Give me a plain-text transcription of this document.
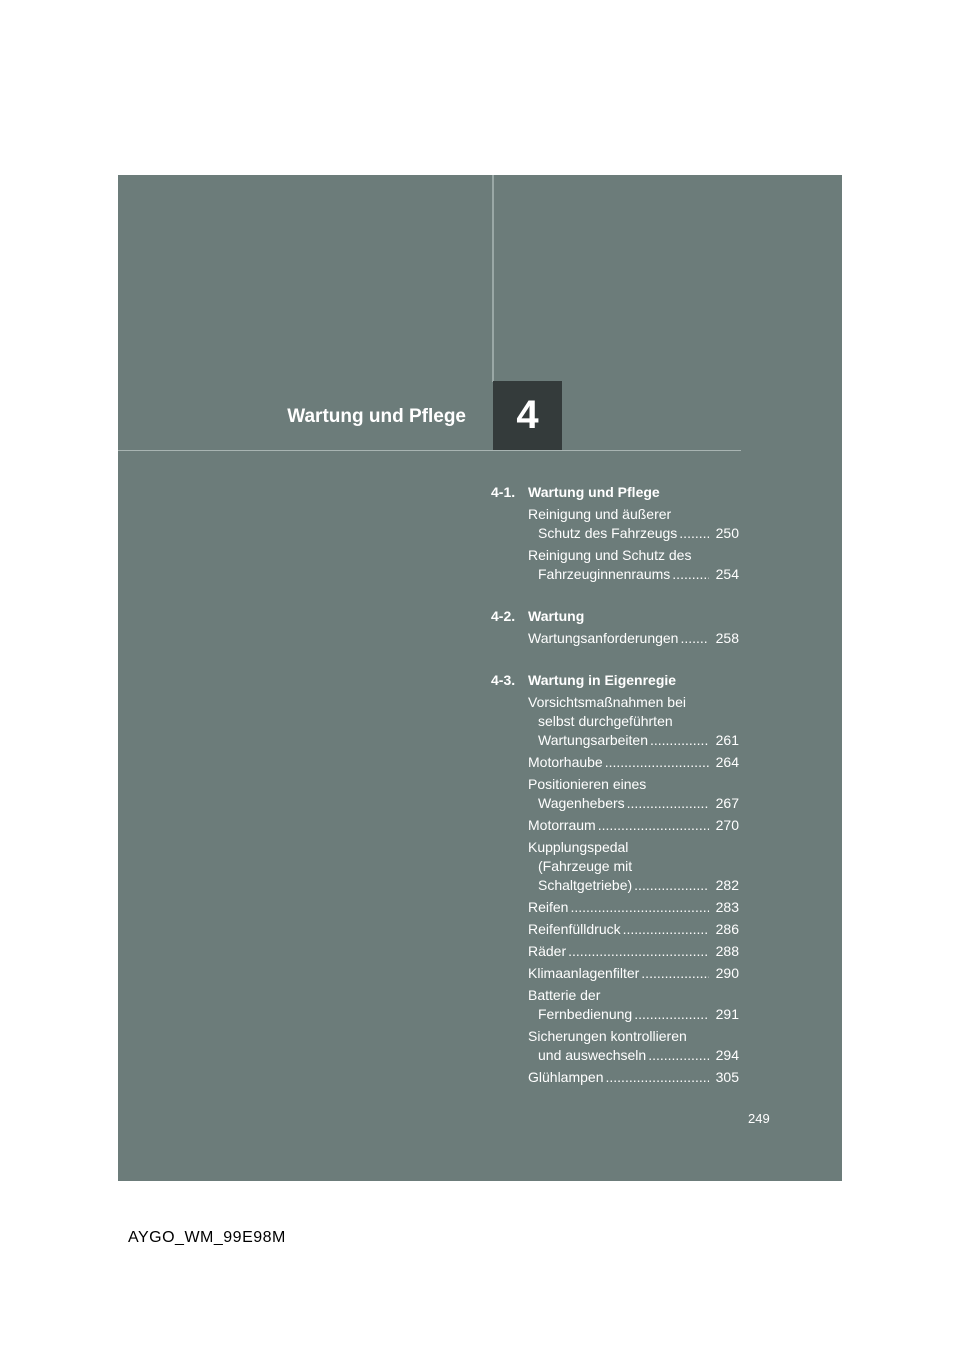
Wartung und Pflege 4
4-1. Wartung und Pflege
Reinigung und äußerer
Schutz des Fahrzeugs .....	250
Reinigung und Schutz des
Fahrzeuginnenraums .....	254
4-2. Wartung
Wartungsanforderungen .....	258
4-3. Wartung in Eigenregie
Vorsichtsmaßnahmen bei
selbst durchgeführten
Wartungsarbeiten .....	261
Motorhaube .....	264
Positionieren eines
Wagenhebers .....	267
Motorraum .....	270
Kupplungspedal
(Fahrzeuge mit
Schaltgetriebe) .....	282
Reifen .....	283
Reifenfülldruck .....	286
Räder .....	288
Klimaanlagenfilter .....	290
Batterie der
Fernbedienung .....	291
Sicherungen kontrollieren
und auswechseln .....	294
Glühlampen .....	305
249
AYGO_WM_99E98M
